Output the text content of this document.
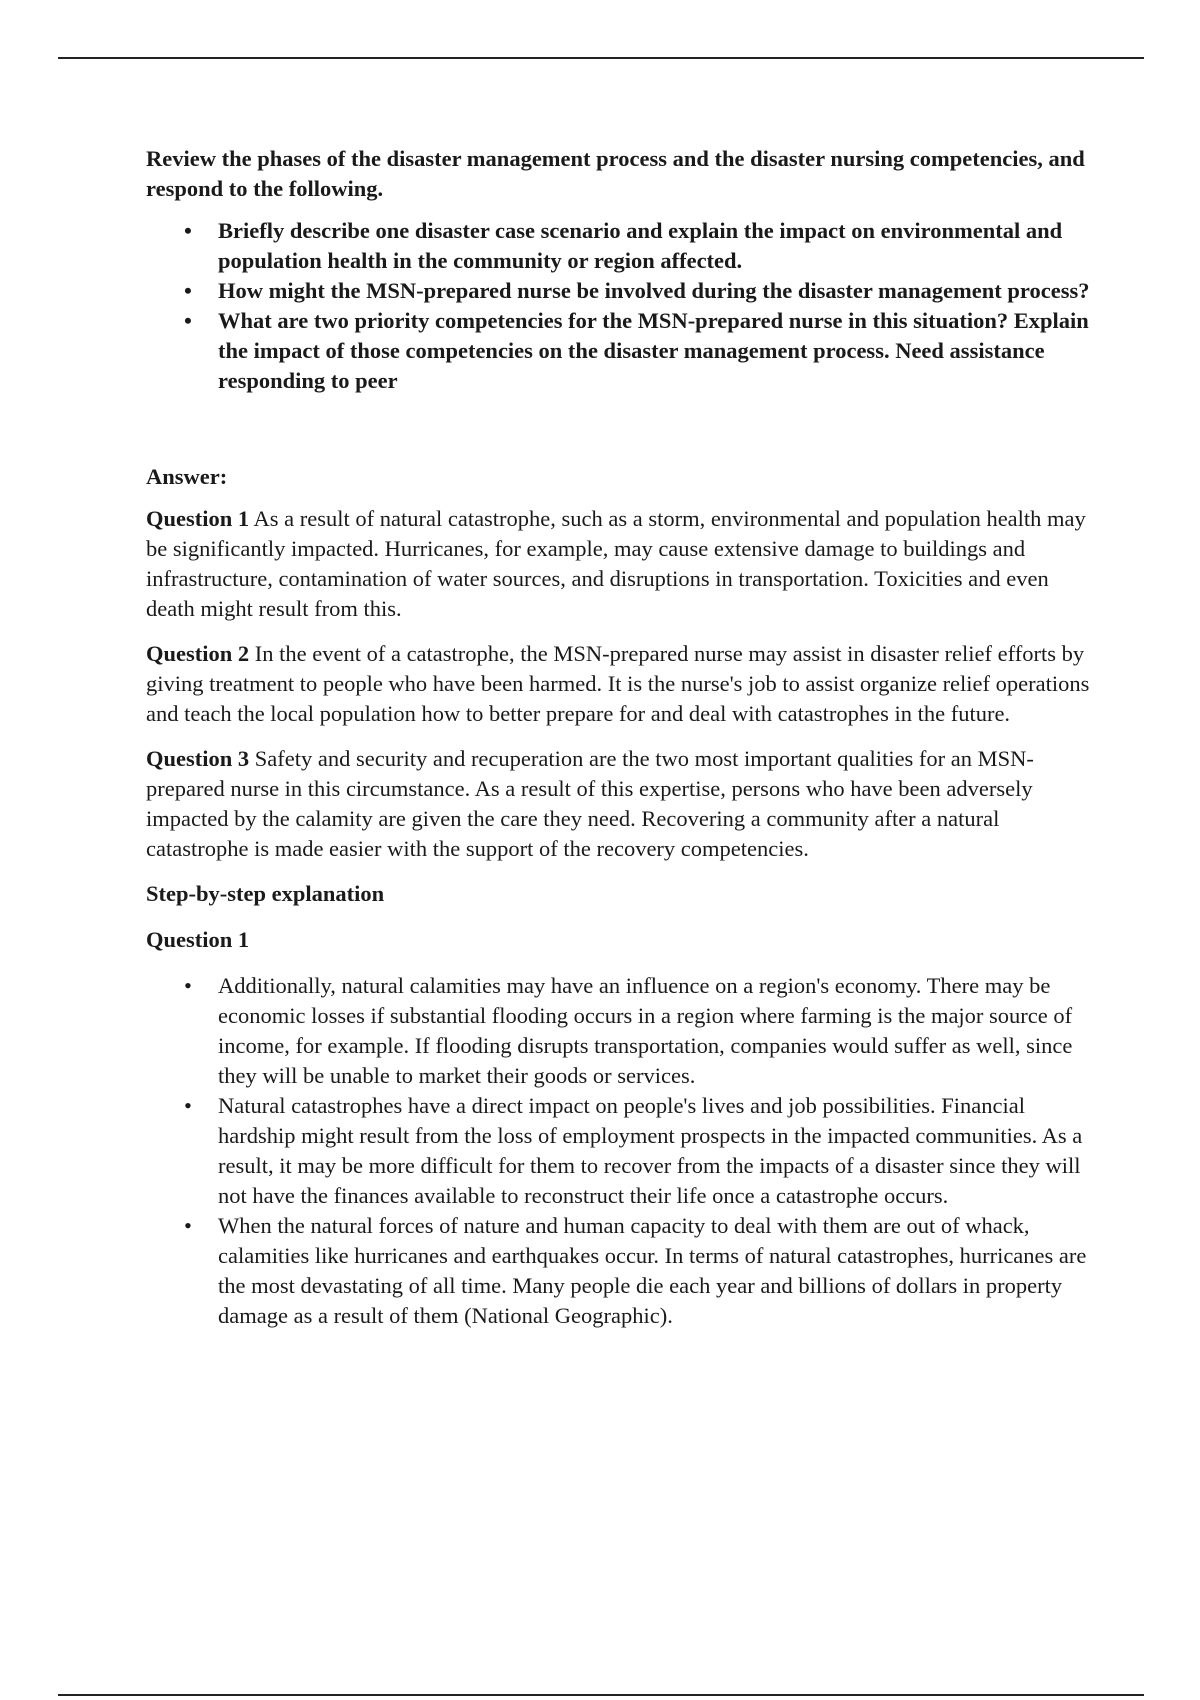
Review the phases of the disaster management process and the disaster nursing competencies, and respond to the following.

• Briefly describe one disaster case scenario and explain the impact on environmental and population health in the community or region affected.
• How might the MSN-prepared nurse be involved during the disaster management process?
• What are two priority competencies for the MSN-prepared nurse in this situation? Explain the impact of those competencies on the disaster management process. Need assistance responding to peer

Answer:

Question 1 As a result of natural catastrophe, such as a storm, environmental and population health may be significantly impacted. Hurricanes, for example, may cause extensive damage to buildings and infrastructure, contamination of water sources, and disruptions in transportation. Toxicities and even death might result from this.

Question 2 In the event of a catastrophe, the MSN-prepared nurse may assist in disaster relief efforts by giving treatment to people who have been harmed. It is the nurse's job to assist organize relief operations and teach the local population how to better prepare for and deal with catastrophes in the future.

Question 3 Safety and security and recuperation are the two most important qualities for an MSN-prepared nurse in this circumstance. As a result of this expertise, persons who have been adversely impacted by the calamity are given the care they need. Recovering a community after a natural catastrophe is made easier with the support of the recovery competencies.

Step-by-step explanation

Question 1

• Additionally, natural calamities may have an influence on a region's economy. There may be economic losses if substantial flooding occurs in a region where farming is the major source of income, for example. If flooding disrupts transportation, companies would suffer as well, since they will be unable to market their goods or services.
• Natural catastrophes have a direct impact on people's lives and job possibilities. Financial hardship might result from the loss of employment prospects in the impacted communities. As a result, it may be more difficult for them to recover from the impacts of a disaster since they will not have the finances available to reconstruct their life once a catastrophe occurs.
• When the natural forces of nature and human capacity to deal with them are out of whack, calamities like hurricanes and earthquakes occur. In terms of natural catastrophes, hurricanes are the most devastating of all time. Many people die each year and billions of dollars in property damage as a result of them (National Geographic).
